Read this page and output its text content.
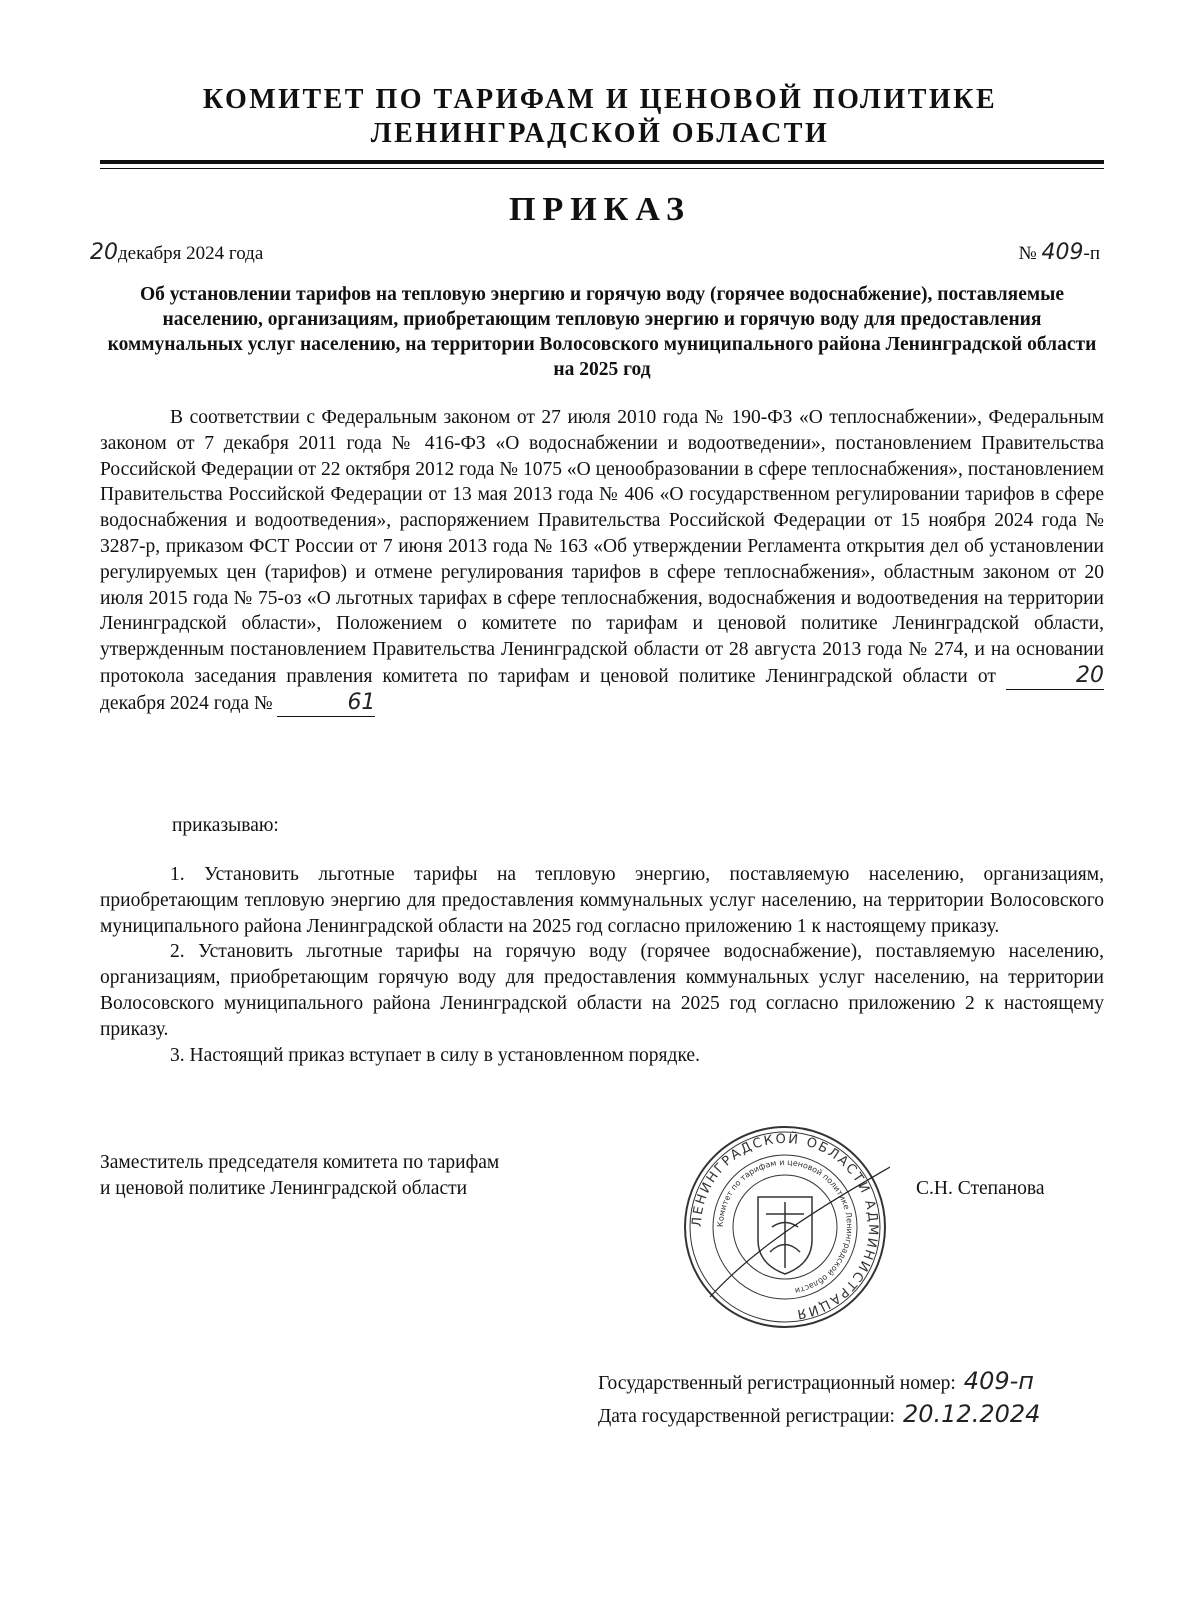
КОМИТЕТ ПО ТАРИФАМ И ЦЕНОВОЙ ПОЛИТИКЕ
ЛЕНИНГРАДСКОЙ ОБЛАСТИ
ПРИКАЗ
20декабря 2024 года	№ 409-п
Об установлении тарифов на тепловую энергию и горячую воду (горячее водоснабжение), поставляемые населению, организациям, приобретающим тепловую энергию и горячую воду для предоставления коммунальных услуг населению, на территории Волосовского муниципального района Ленинградской области на 2025 год

В соответствии с Федеральным законом от 27 июля 2010 года № 190-ФЗ «О теплоснабжении», Федеральным законом от 7 декабря 2011 года № 416-ФЗ «О водоснабжении и водоотведении», постановлением Правительства Российской Федерации от 22 октября 2012 года № 1075 «О ценообразовании в сфере теплоснабжения», постановлением Правительства Российской Федерации от 13 мая 2013 года № 406 «О государственном регулировании тарифов в сфере водоснабжения и водоотведения», распоряжением Правительства Российской Федерации от 15 ноября 2024 года № 3287-р, приказом ФСТ России от 7 июня 2013 года № 163 «Об утверждении Регламента открытия дел об установлении регулируемых цен (тарифов) и отмене регулирования тарифов в сфере теплоснабжения», областным законом от 20 июля 2015 года № 75-оз «О льготных тарифах в сфере теплоснабжения, водоснабжения и водоотведения на территории Ленинградской области», Положением о комитете по тарифам и ценовой политике Ленинградской области, утвержденным постановлением Правительства Ленинградской области от 28 августа 2013 года № 274, и на основании протокола заседания правления комитета по тарифам и ценовой политике Ленинградской области от	20 декабря 2024 года №	61

приказываю:

1. Установить льготные тарифы на тепловую энергию, поставляемую населению, организациям, приобретающим тепловую энергию для предоставления коммунальных услуг населению, на территории Волосовского муниципального района Ленинградской области на 2025 год согласно приложению 1 к настоящему приказу.

2. Установить льготные тарифы на горячую воду (горячее водоснабжение), поставляемую населению, организациям, приобретающим горячую воду для предоставления коммунальных услуг населению, на территории Волосовского муниципального района Ленинградской области на 2025 год согласно приложению 2 к настоящему приказу.

3. Настоящий приказ вступает в силу в установленном порядке.

Заместитель председателя комитета по тарифам
и ценовой политике Ленинградской области
ЛЕНИНГРАДСКОЙ ОБЛАСТИ АДМИНИСТРАЦИЯ
Комитет по тарифам и ценовой политике Ленинградской области
С.Н. Степанова
Государственный регистрационный номер: 409-п
Дата государственной регистрации: 20.12.2024
